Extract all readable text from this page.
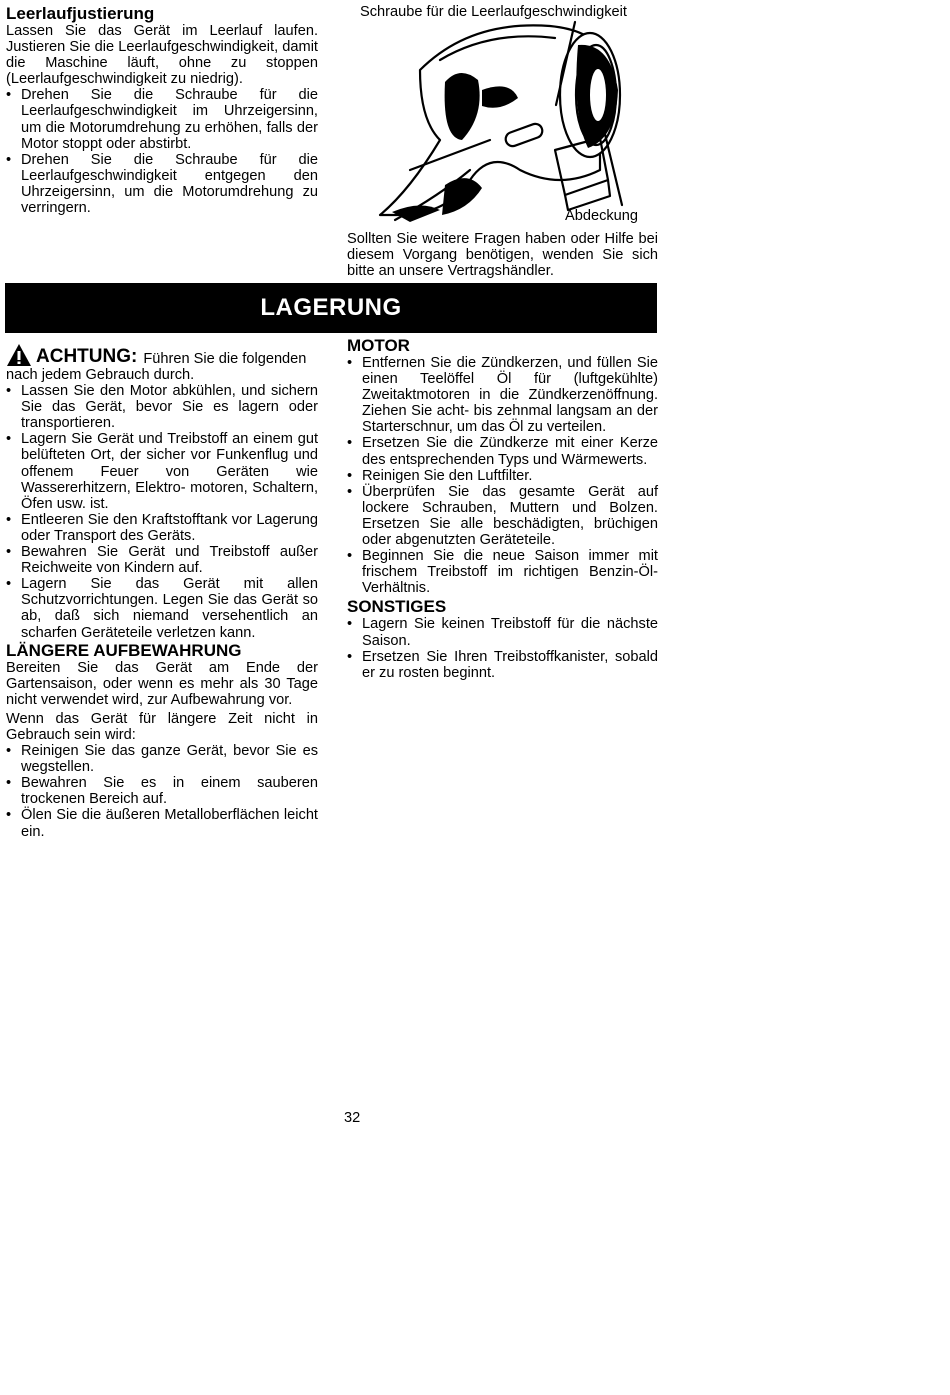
Leerlaufjustierung

Lassen Sie das Gerät im Leerlauf laufen. Justieren Sie die Leerlaufgeschwindigkeit, damit die Maschine läuft, ohne zu stoppen (Leerlaufgeschwindigkeit zu niedrig).

• Drehen Sie die Schraube für die Leerlaufgeschwindigkeit im Uhrzeigersinn, um die Motorumdrehung zu erhöhen, falls der Motor stoppt oder abstirbt.
• Drehen Sie die Schraube für die Leerlaufgeschwindigkeit entgegen den Uhrzeigersinn, um die Motorumdrehung zu verringern.
Schraube für die Leerlaufgeschwindigkeit
Abdeckung

Sollten Sie weitere Fragen haben oder Hilfe bei diesem Vorgang benötigen, wenden Sie sich bitte an unsere Vertragshändler.

LAGERUNG
ACHTUNG: Führen Sie die folgenden

nach jedem Gebrauch durch.

• Lassen Sie den Motor abkühlen, und sichern Sie das Gerät, bevor Sie es lagern oder transportieren.
• Lagern Sie Gerät und Treibstoff an einem gut belüfteten Ort, der sicher vor Funkenflug und offenem Feuer von Geräten wie Wassererhitzern, Elektro- motoren, Schaltern, Öfen usw. ist.
• Entleeren Sie den Kraftstofftank vor Lagerung oder Transport des Geräts.
• Bewahren Sie Gerät und Treibstoff außer Reichweite von Kindern auf.
• Lagern Sie das Gerät mit allen Schutzvorrichtungen. Legen Sie das Gerät so ab, daß sich niemand versehentlich an scharfen Geräteteile verletzen kann.
LÄNGERE AUFBEWAHRUNG

Bereiten Sie das Gerät am Ende der Gartensaison, oder wenn es mehr als 30 Tage nicht verwendet wird, zur Aufbewahrung vor.

Wenn das Gerät für längere Zeit nicht in Gebrauch sein wird:

• Reinigen Sie das ganze Gerät, bevor Sie es wegstellen.
• Bewahren Sie es in einem sauberen trockenen Bereich auf.
• Ölen Sie die äußeren Metalloberflächen leicht ein.
MOTOR
• Entfernen Sie die Zündkerzen, und füllen Sie einen Teelöffel Öl für (luftgekühlte) Zweitaktmotoren in die Zündkerzenöffnung. Ziehen Sie acht- bis zehnmal langsam an der Starterschnur, um das Öl zu verteilen.
• Ersetzen Sie die Zündkerze mit einer Kerze des entsprechenden Typs und Wärmewerts.
• Reinigen Sie den Luftfilter.
• Überprüfen Sie das gesamte Gerät auf lockere Schrauben, Muttern und Bolzen. Ersetzen Sie alle beschädigten, brüchigen oder abgenutzten Geräteteile.
• Beginnen Sie die neue Saison immer mit frischem Treibstoff im richtigen Benzin-Öl-Verhältnis.
SONSTIGES
• Lagern Sie keinen Treibstoff für die nächste Saison.
• Ersetzen Sie Ihren Treibstoffkanister, sobald er zu rosten beginnt.
32
